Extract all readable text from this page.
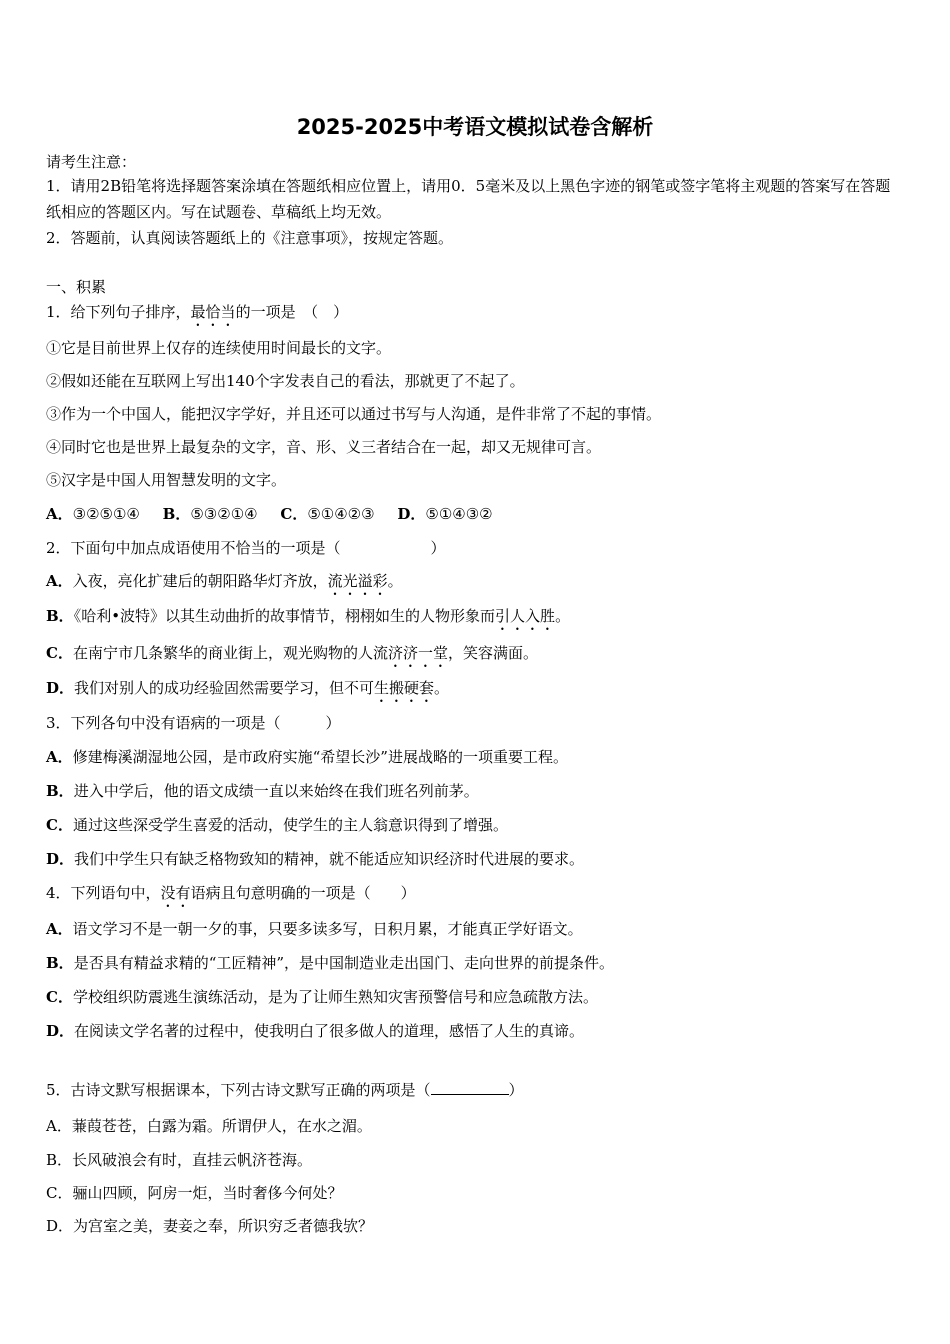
2025-2025中考语文模拟试卷含解析
请考生注意：
1．请用2B铅笔将选择题答案涂填在答题纸相应位置上，请用0．5毫米及以上黑色字迹的钢笔或签字笔将主观题的答案写在答题纸相应的答题区内。写在试题卷、草稿纸上均无效。
2．答题前，认真阅读答题纸上的《注意事项》，按规定答题。
一、积累
1．给下列句子排序，最恰当的一项是　（　）
①它是目前世界上仅存的连续使用时间最长的文字。
②假如还能在互联网上写出140个字发表自己的看法，那就更了不起了。
③作为一个中国人，能把汉字学好，并且还可以通过书写与人沟通，是件非常了不起的事情。
④同时它也是世界上最复杂的文字，音、形、义三者结合在一起，却又无规律可言。
⑤汉字是中国人用智慧发明的文字。
A．③②⑤①④ B．⑤③②①④ C．⑤①④②③ D．⑤①④③②
2．下面句中加点成语使用不恰当的一项是（　　　　　　）
A．入夜，亮化扩建后的朝阳路华灯齐放，流光溢彩。
B．《哈利•波特》以其生动曲折的故事情节，栩栩如生的人物形象而引人入胜。
C．在南宁市几条繁华的商业街上，观光购物的人流济济一堂，笑容满面。
D．我们对别人的成功经验固然需要学习，但不可生搬硬套。
3．下列各句中没有语病的一项是（　　　）
A．修建梅溪湖湿地公园，是市政府实施“希望长沙”进展战略的一项重要工程。
B．进入中学后，他的语文成绩一直以来始终在我们班名列前茅。
C．通过这些深受学生喜爱的活动，使学生的主人翁意识得到了增强。
D．我们中学生只有缺乏格物致知的精神，就不能适应知识经济时代进展的要求。
4．下列语句中，没有语病且句意明确的一项是（　　）
A．语文学习不是一朝一夕的事，只要多读多写，日积月累，才能真正学好语文。
B．是否具有精益求精的“工匠精神”，是中国制造业走出国门、走向世界的前提条件。
C．学校组织防震逃生演练活动，是为了让师生熟知灾害预警信号和应急疏散方法。
D．在阅读文学名著的过程中，使我明白了很多做人的道理，感悟了人生的真谛。
5．古诗文默写根据课本，下列古诗文默写正确的两项是（	）
A．蒹葭苍苍，白露为霜。所谓伊人，在水之湄。
B．长风破浪会有时，直挂云帆济苍海。
C．骊山四顾，阿房一炬，当时奢侈今何处？
D．为宫室之美，妻妾之奉，所识穷乏者德我欤？
